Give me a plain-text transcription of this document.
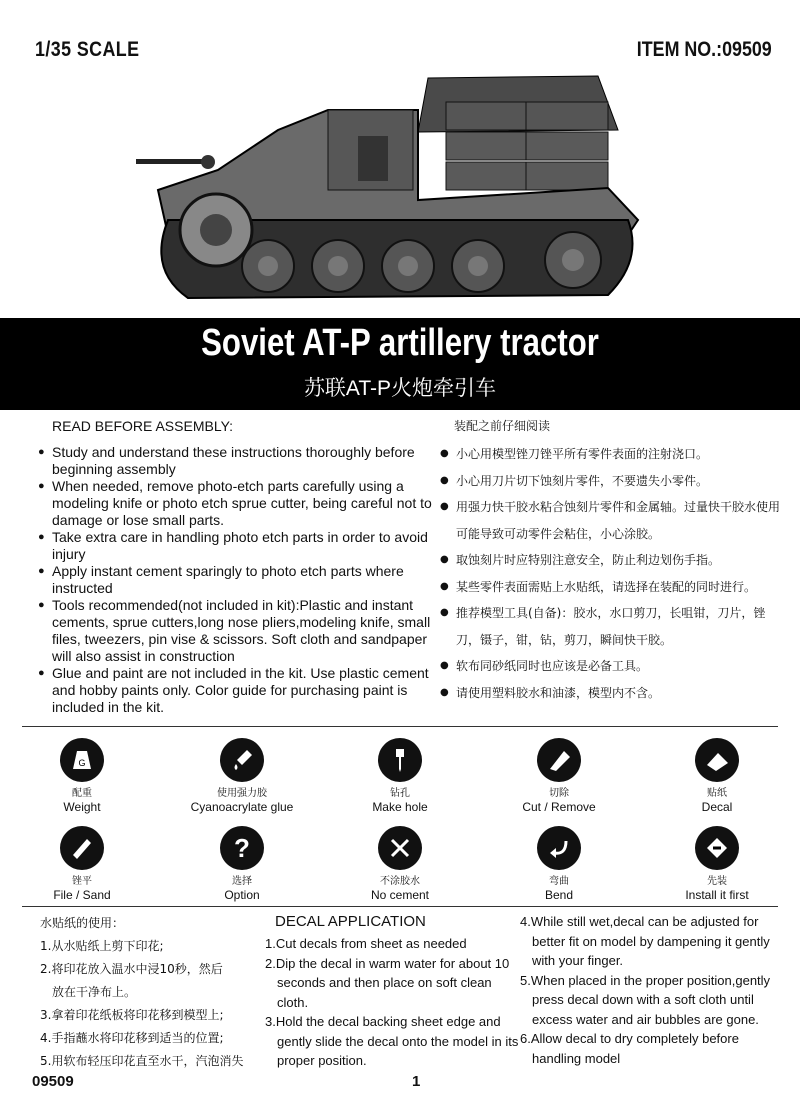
1/35 SCALE	ITEM NO.:09509
Soviet AT-P artillery tractor
苏联AT-P火炮牵引车
READ BEFORE ASSEMBLY:
● Study and understand these instructions thoroughly before beginning assembly
● When needed, remove photo-etch parts carefully using a modeling knife or photo etch sprue cutter, being careful not to damage or lose small parts.
● Take extra care in handling photo etch parts in order to avoid injury
● Apply instant cement sparingly to photo etch parts where instructed
● Tools recommended(not included in kit):Plastic and instant cements, sprue cutters,long nose pliers,modeling knife, small files, tweezers, pin vise & scissors. Soft cloth and sandpaper will also assist in construction
● Glue and paint are not included in the kit. Use plastic cement and hobby paints only. Color guide for purchasing paint is included in the kit.
装配之前仔细阅读
● 小心用模型锉刀锉平所有零件表面的注射浇口。
● 小心用刀片切下蚀刻片零件，不要遗失小零件。
● 用强力快干胶水粘合蚀刻片零件和金属轴。过量快干胶水使用可能导致可动零件会粘住，小心涂胶。
● 取蚀刻片时应特别注意安全，防止利边划伤手指。
● 某些零件表面需贴上水贴纸，请选择在装配的同时进行。
● 推荐模型工具(自备)：胶水，水口剪刀，长咀钳，刀片，锉刀，镊子，钳，钻，剪刀，瞬间快干胶。
● 软布同砂纸同时也应该是必备工具。
● 请使用塑料胶水和油漆，模型内不含。
G
配重
Weight
使用强力胶
Cyanoacrylate glue
钻孔
Make hole
切除
Cut / Remove
贴纸
Decal
锉平
File / Sand
?
选择
Option
不涂胶水
No cement
弯曲
Bend
先装
Install it first

水贴纸的使用：

1.从水贴纸上剪下印花;

2.将印花放入温水中浸10秒，然后

放在干净布上。

3.拿着印花纸板将印花移到模型上;

4.手指蘸水将印花移到适当的位置;

5.用软布轻压印花直至水干，汽泡消失

DECAL APPLICATION

1.Cut decals from sheet as needed

2.Dip the decal in warm water for about 10

seconds and then place on soft clean cloth.

3.Hold the decal backing sheet edge and

gently slide the decal onto the model in its

proper position.

4.While still wet,decal can be adjusted for

better fit on model by dampening it gently

with your finger.

5.When placed in the proper position,gently

press decal down with a soft cloth until

excess water and air bubbles are gone.

6.Allow decal to dry completely before

handling model

09509	1
